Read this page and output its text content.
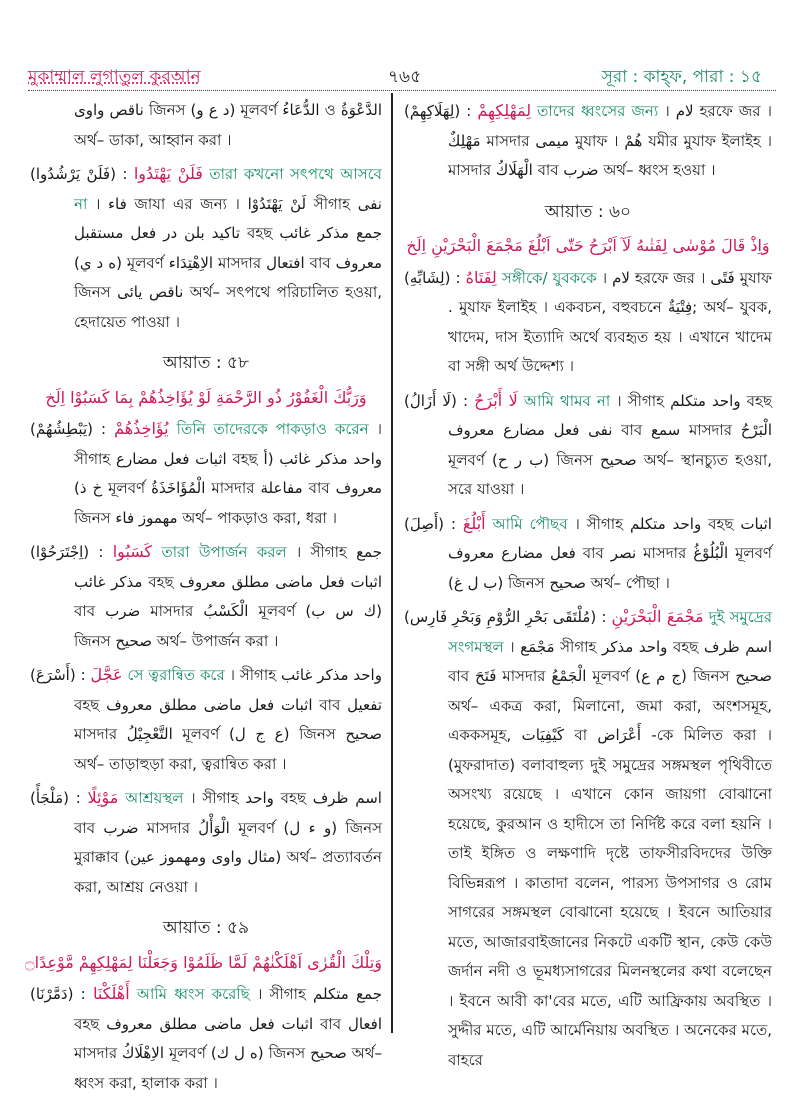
মুকাম্মাল লুগাতুল কুরআন	৭৬৫	সূরা : কাহ্ফ, পারা : ১৫

ناقص واوى জিনস (د ع و) মূলবর্ণ الدُّعَاءُ ও الدَّعْوَةُ অর্থ– ডাকা, আহ্বান করা ।

فَلَنْ يَهْتَدُوا : (فَلَنْ يَرْشُدُوا)	তারা কখনো সৎপথে আসবে না । فاء জাযা এর জন্য । لَنْ يَهْتَدُوْا সীগাহ نفى تاكيد بلن در فعل مستقبل বহছ جمع مذكر غائب (ه د ي) মূলবর্ণ الاِهْتِدَاء মাসদার افتعال বাব معروف জিনস ناقص يائى অর্থ– সৎপথে পরিচালিত হওয়া, হেদায়েত পাওয়া ।

আয়াত : ৫৮
وَرَبُّكَ الْغَفُوْرُ ذُو الرَّحْمَةِ لَوْ يُؤَاخِذُهُمْ بِمَا كَسَبُوْا اِلَخ

يُؤَاخِذُهُمْ : (يَبْطِشُهُمْ)	তিনি তাদেরকে পাকড়াও করেন । সীগাহ اثبات فعل مضارع বহছ واحد مذكر غائب (أ خ ذ) মূলবর্ণ الْمُؤَاخَذَةُ মাসদার مفاعلة বাব معروف জিনস مهموز فاء অর্থ– পাকড়াও করা, ধরা ।

كَسَبُوا : (اِجْتَرَحُوْا)	তারা উপার্জন করল । সীগাহ جمع مذكر غائب বহছ اثبات فعل ماضى مطلق معروف বাব ضرب মাসদার الْكَسْبُ মূলবর্ণ (ك س ب) জিনস صحيح অর্থ– উপার্জন করা ।

عَجَّلَ : (أَسْرَعَ)	সে ত্বরান্বিত করে । সীগাহ واحد مذكر غائب বহছ اثبات فعل ماضى مطلق معروف বাব تفعيل মাসদার التَّعْجِيْلُ মূলবর্ণ (ع ج ل) জিনস صحيح অর্থ– তাড়াহুড়া করা, ত্বরান্বিত করা ।

مَوْئِلًا : (مَلْجَأً)	আশ্রয়স্থল । সীগাহ واحد বহছ اسم ظرف বাব ضرب মাসদার الْوَأْلُ মূলবর্ণ (و ء ل) জিনস মুরাক্কাব (مثال واوى ومهموز عين) অর্থ– প্রত্যাবর্তন করা, আশ্রয় নেওয়া ।

আয়াত : ৫৯
وَتِلْكَ الْقُرٰى اَهْلَكْنٰهُمْ لَمَّا ظَلَمُوْا وَجَعَلْنَا لِمَهْلِكِهِمْ مَّوْعِدًا۝

أَهْلَكْنَا : (دَمَّرْنَا)	আমি ধ্বংস করেছি । সীগাহ جمع متكلم বহছ اثبات فعل ماضى مطلق معروف বাব افعال মাসদার الاِهْلَاكُ মূলবর্ণ (ه ل ك) জিনস صحيح অর্থ– ধ্বংস করা, হালাক করা ।

لِمَهْلِكِهِمْ : (لِهَلَاكِهِمْ)	তাদের ধ্বংসের জন্য । لام হরফে জর । مَهْلِكٌ মাসদার ميمى মুযাফ । هُمْ যমীর মুযাফ ইলাইহ । মাসদার الْهَلَاكُ বাব ضرب অর্থ– ধ্বংস হওয়া ।

আয়াত : ৬০
وَاِذْ قَالَ مُوْسٰى لِفَتٰىهُ لَآ اَبْرَحُ حَتّٰى اَبْلُغَ مَجْمَعَ الْبَحْرَيْنِ اِلَخ

لِفَتَاهُ : (لِشَابِّهِ)	সঙ্গীকে/ যুবককে । لام হরফে জর । فَتًى মুযাফ . মুযাফ ইলাইহ । একবচন, বহুবচনে فِتْيَةٌ; অর্থ– যুবক, খাদেম, দাস ইত্যাদি অর্থে ব্যবহৃত হয় । এখানে খাদেম বা সঙ্গী অর্থ উদ্দেশ্য ।

لَا أَبْرَحُ : (لَا أَزَالُ)	আমি থামব না । সীগাহ واحد متكلم বহছ نفى فعل مضارع معروف বাব سمع মাসদার الْبَرْحُ মূলবর্ণ (ب ر ح) জিনস صحيح অর্থ– স্থানচ্যুত হওয়া, সরে যাওয়া ।

أَبْلُغَ : (أَصِلَ)	আমি পৌছব । সীগাহ واحد متكلم বহছ اثبات فعل مضارع معروف বাব نصر মাসদার الْبُلُوْغُ মূলবর্ণ (ب ل غ) জিনস صحيح অর্থ– পৌছা ।

مَجْمَعَ الْبَحْرَيْنِ : (مُلْتَقَى بَحْرِ الرُّوْمِ وَبَحْرِ فَارِس)	দুই সমুদ্রের সংগমস্থল । مَجْمَع সীগাহ واحد مذكر বহছ اسم ظرف বাব فَتَحَ মাসদার الْجَمْعُ মূলবর্ণ (ج م ع) জিনস صحيح অর্থ– একত্র করা, মিলানো, জমা করা, অংশসমূহ, এককসমূহ, كَيْفِيَات বা أَعْرَاض -কে মিলিত করা । (মুফরাদাত) বলাবাহুল্য দুই সমুদ্রের সঙ্গমস্থল পৃথিবীতে অসংখ্য রয়েছে । এখানে কোন জায়গা বোঝানো হয়েছে, কুরআন ও হাদীসে তা নির্দিষ্ট করে বলা হয়নি । তাই ইঙ্গিত ও লক্ষণাদি দৃষ্টে তাফসীরবিদদের উক্তি বিভিন্নরূপ । কাতাদা বলেন, পারস্য উপসাগর ও রোম সাগরের সঙ্গমস্থল বোঝানো হয়েছে । ইবনে আতিয়ার মতে, আজারবাইজানের নিকটে একটি স্থান, কেউ কেউ জর্দান নদী ও ভূমধ্যসাগরের মিলনস্থলের কথা বলেছেন । ইবনে আবী কা'বের মতে, এটি আফ্রিকায় অবস্থিত । সুদ্দীর মতে, এটি আর্মেনিয়ায় অবস্থিত । অনেকের মতে, বাহরে
